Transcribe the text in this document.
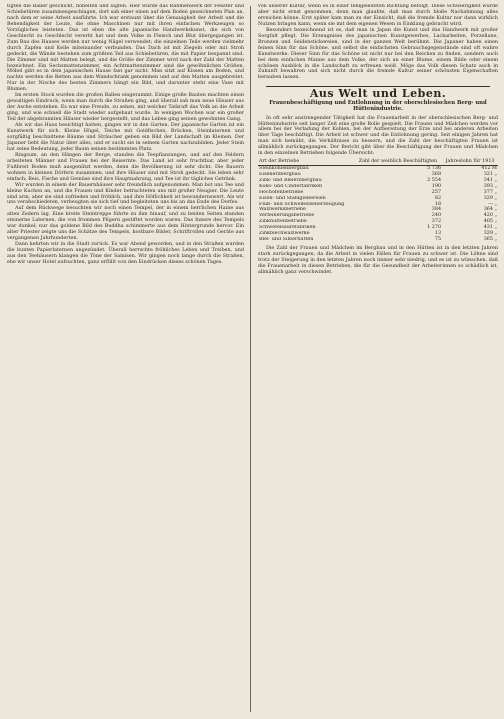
tigten die Baller geschickt, hobelten und lägten. Hier wurde das Rahmenwerk der Fenster und Schiebetüren zusammengeschlagen, dort sah einer einen auf dem Boden gezeichneten Plan an, nach dem er seine Arbeit ausführte. Ich war erstaunt über die Genauigkeit der Arbeit und die Behendigkeit der Leute, die ohne Maschinen nur mit ihren einfachen Werkzeugen so Vorzügliches leisteten. Das ist eben die alte japanische Handwerkskunst, die sich von Geschlecht zu Geschlecht vererbt hat und dem Volke in Fleisch und Blut übergegangen ist. Zum Bau des Hauses werden nur wenig Nägel verwendet; die einzelnen Teile werden vielmehr durch Zapfen und Keile miteinander verbunden. Das Dach ist mit Ziegeln oder mit Stroh gedeckt, die Wände bestehen zum größten Teil aus Schiebetüren, die mit Papier bespannt sind. Die Zimmer sind mit Matten belegt, und die Größe der Zimmer wird nach der Zahl der Matten bezeichnet. Ein Sechsmattenzimmer, ein Achtmattenzimmer sind die gewöhnlichen Größen. Möbel gibt es in dem japanischen Hause fast gar nicht. Man sitzt auf Kissen am Boden, und nachts werden die Betten aus dem Wandschrank genommen und auf den Matten ausgebreitet. Nur in der Nische des besten Zimmers hängt ein Bild, und darunter steht eine Vase mit Blumen.

Im ersten Stock wurden die großen Ballen eingerammt. Einige große Bauten machten einen gewaltigen Eindruck, wenn man durch die Straßen ging, und überall sah man neue Häuser aus der Asche entstehen. Es war eine Freude, zu sehen, mit welcher Tatkraft das Volk an die Arbeit ging, und wie schnell die Stadt wieder aufgebaut wurde. In wenigen Wochen war ein großer Teil der abgebrannten Häuser wieder hergestellt, und das Leben ging seinen gewohnten Gang.

Als wir das Haus besichtigt hatten, gingen wir in den Garten. Der japanische Garten ist ein Kunstwerk für sich. Kleine Hügel, Teiche mit Goldfischen, Brücken, Steinlaternen und sorgfältig beschnittene Bäume und Sträucher geben ein Bild der Landschaft im Kleinen. Der Japaner liebt die Natur über alles, und er sucht sie in seinem Garten nachzubilden. Jeder Stein hat seine Bedeutung, jeder Baum seinen bestimmten Platz.

Ringsum, an den Hängen der Berge, standen die Teepflanzungen, und auf den Feldern arbeiteten Männer und Frauen bei der Reisernte. Das Land ist sehr fruchtbar, aber jeder Fußbreit Boden muß ausgenützt werden, denn die Bevölkerung ist sehr dicht. Die Bauern wohnen in kleinen Dörfern zusammen, und ihre Häuser sind mit Stroh gedeckt. Sie leben sehr einfach; Reis, Fische und Gemüse sind ihre Hauptnahrung, und Tee ist ihr tägliches Getränk.

Wir wurden in einem der Bauernhäuser sehr freundlich aufgenommen. Man bot uns Tee und kleine Kuchen an, und die Frauen und Kinder betrachteten uns mit großer Neugier. Die Leute sind arm, aber sie sind zufrieden und fröhlich, und ihre Höflichkeit ist bewundernswert. Als wir uns verabschiedeten, verbeugten sie sich tief und begleiteten uns bis an das Ende des Dorfes.

Auf dem Rückwege besuchten wir noch einen Tempel, der in einem herrlichen Haine aus alten Zedern lag. Eine breite Steintreppe führte zu ihm hinauf, und zu beiden Seiten standen steinerne Laternen, die von frommen Pilgern gestiftet worden waren. Das Innere des Tempels war dunkel; nur das goldene Bild des Buddha schimmerte aus dem Hintergrunde hervor. Ein alter Priester zeigte uns die Schätze des Tempels, kostbare Bilder, Schriftrollen und Geräte aus vergangenen Jahrhunderten.

Dann kehrten wir in die Stadt zurück. Es war Abend geworden, und in den Straßen wurden die bunten Papierlaternen angezündet. Überall herrschte fröhliches Leben und Treiben, und aus den Teehäusern klangen die Töne der Samisen. Wir gingen noch lange durch die Straßen, ehe wir unser Hotel aufsuchten, ganz erfüllt von den Eindrücken dieses schönen Tages.

von unserer Kultur, wenn es in einer fehlgeleiteten Richtung befolgt. Diese Schwierigkeit wurde aber nicht ernst genommen, denn man glaubte, daß man durch bloße Nachahmung alles erreichen könne. Erst später kam man zu der Einsicht, daß die fremde Kultur nur dann wirklich Nutzen bringen kann, wenn sie mit dem eigenen Wesen in Einklang gebracht wird.

Besonders bezeichnend ist es, daß man in Japan die Kunst und das Handwerk mit großer Sorgfalt pflegt. Die Erzeugnisse des japanischen Kunstgewerbes, Lackarbeiten, Porzellane, Bronzen und Seidenstickereien, sind in der ganzen Welt berühmt. Die Japaner haben einen feinen Sinn für das Schöne, und selbst die einfachsten Gebrauchsgegenstände sind oft wahre Kunstwerke. Dieser Sinn für das Schöne ist nicht nur bei den Reichen zu finden, sondern auch bei dem einfachen Manne aus dem Volke, der sich an einer Blume, einem Bilde oder einem schönen Ausblick in die Landschaft zu erfreuen weiß. Möge das Volk diesen Schatz auch in Zukunft bewahren und sich nicht durch die fremde Kultur seiner schönsten Eigenschaften berauben lassen.

Aus Welt und Leben.
Frauenbeschäftigung und Entlohnung in der oberschlesischen Berg- und Hüttenindustrie.

In oft sehr anstrengender Tätigkeit hat die Frauenarbeit in der oberschlesischen Berg- und Hüttenindustrie seit langer Zeit eine große Rolle gespielt. Die Frauen und Mädchen werden vor allem bei der Verladung der Kohlen, bei der Aufbereitung der Erze und bei anderen Arbeiten über Tage beschäftigt. Die Arbeit ist schwer und die Entlohnung gering. Seit einigen Jahren hat man sich bemüht, die Verhältnisse zu bessern, und die Zahl der beschäftigten Frauen ist allmählich zurückgegangen. Der Bericht gibt über die Beschäftigung der Frauen und Mädchen in den einzelnen Betrieben folgende Übersicht:

Art der Betriebe	Zahl der weiblich Beschäftigten	Jahreslohn für 1913
Steinkohlenbergbau	5 736	412 M
Eisenerzbergbau	368	321 „
Zink- und Bleierzbergbau	2 554	341 „
Koks- und Cinderfabriken	190	393 „
Hochofenbetriebe	257	377 „
Eisen- und Stahlgießereien	82	329 „
Fluß- und Schweißeisenerzeugung	18	— „
Walzwerksbetriebe	384	364 „
Verfeinerungsbetriebe	240	420 „
Zinkhüttenbetriebe	372	405 „
Schwefelsäurefabriken	1 270	431 „
Zinkblechwalzwerke	13	329 „
Blei- und Silberhütten	75	365 „

Die Zahl der Frauen und Mädchen im Bergbau und in den Hütten ist in den letzten Jahren stark zurückgegangen, da die Arbeit in vielen Fällen für Frauen zu schwer ist. Die Löhne sind trotz der Steigerung in den letzten Jahren noch immer sehr niedrig, und es ist zu wünschen, daß die Frauenarbeit in diesen Betrieben, die für die Gesundheit der Arbeiterinnen so schädlich ist, allmählich ganz verschwindet.
